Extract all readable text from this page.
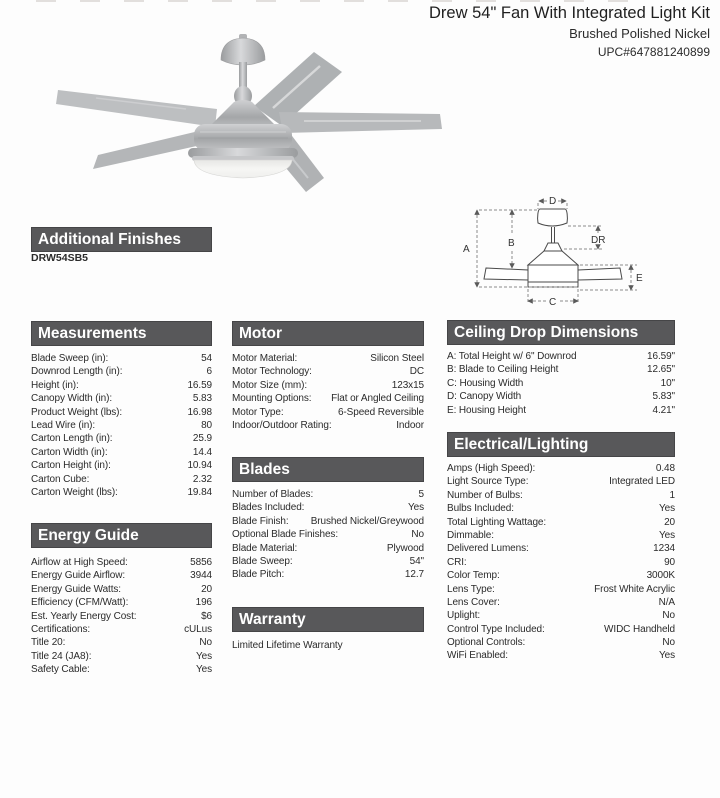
Drew 54" Fan With Integrated Light Kit
Brushed Polished Nickel
UPC#647881240899
A
B
C
D
DR
E
Additional Finishes
DRW54SB5
Measurements
Blade Sweep (in):	54
Downrod Length (in):	6
Height (in):	16.59
Canopy Width (in):	5.83
Product Weight (lbs):	16.98
Lead Wire (in):	80
Carton Length (in):	25.9
Carton Width (in):	14.4
Carton Height (in):	10.94
Carton Cube:	2.32
Carton Weight (lbs):	19.84
Energy Guide
Airflow at High Speed:	5856
Energy Guide Airflow:	3944
Energy Guide Watts:	20
Efficiency (CFM/Watt):	196
Est. Yearly Energy Cost:	$6
Certifications:	cULus
Title 20:	No
Title 24 (JA8):	Yes
Safety Cable:	Yes
Motor
Motor Material:	Silicon Steel
Motor Technology:	DC
Motor Size (mm):	123x15
Mounting Options: Flat or Angled Ceiling
Motor Type:	6-Speed Reversible
Indoor/Outdoor Rating:	Indoor
Blades
Number of Blades:	5
Blades Included:	Yes
Blade Finish: Brushed Nickel/Greywood
Optional Blade Finishes:	No
Blade Material:	Plywood
Blade Sweep:	54"
Blade Pitch:	12.7
Warranty
Limited Lifetime Warranty
Ceiling Drop Dimensions
A: Total Height w/ 6" Downrod	16.59"
B: Blade to Ceiling Height	12.65"
C: Housing Width	10"
D: Canopy Width	5.83"
E: Housing Height	4.21"
Electrical/Lighting
Amps (High Speed):	0.48
Light Source Type:	Integrated LED
Number of Bulbs:	1
Bulbs Included:	Yes
Total Lighting Wattage:	20
Dimmable:	Yes
Delivered Lumens:	1234
CRI:	90
Color Temp:	3000K
Lens Type:	Frost White Acrylic
Lens Cover:	N/A
Uplight:	No
Control Type Included:	WIDC Handheld
Optional Controls:	No
WiFi Enabled:	Yes
